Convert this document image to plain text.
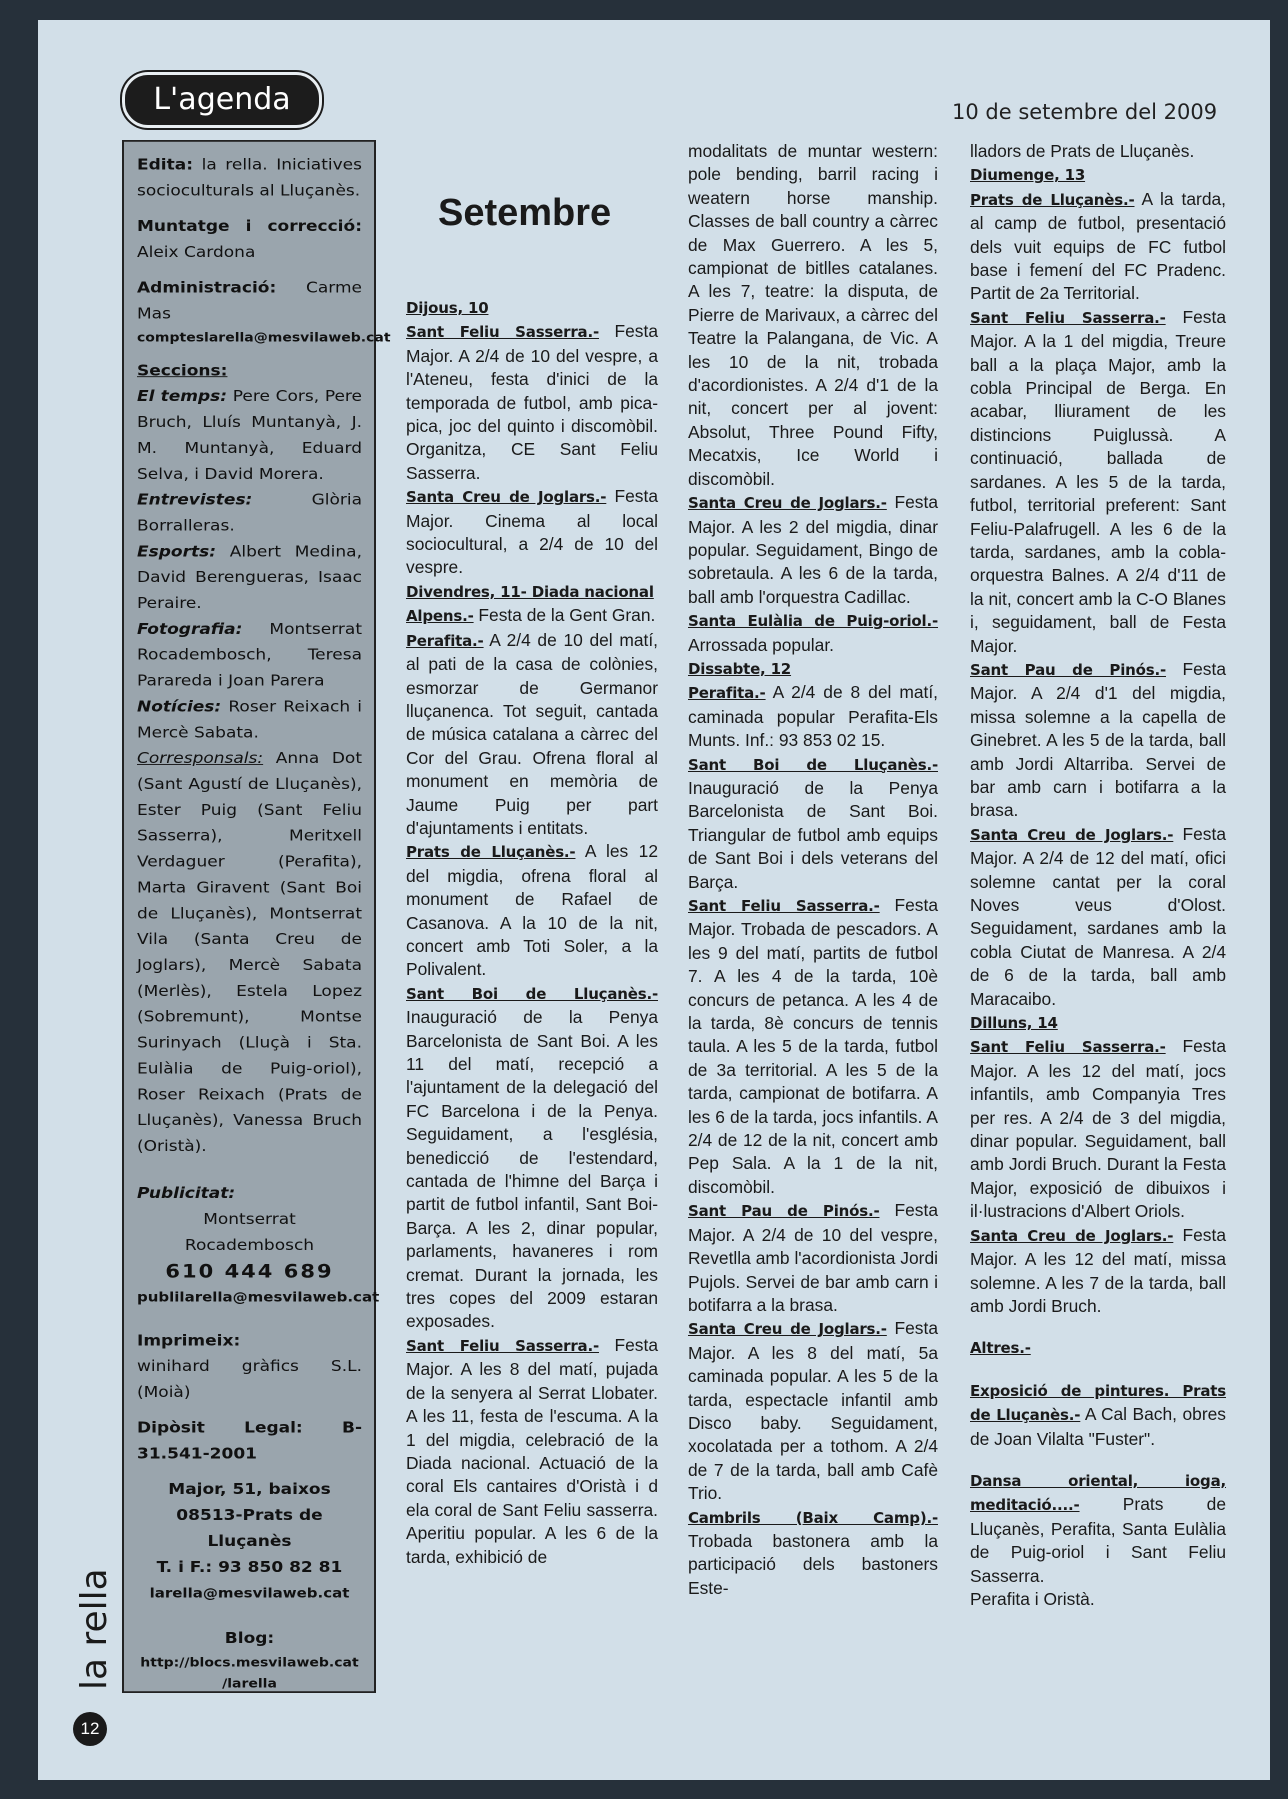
L'agenda	10 de setembre del 2009

Edita: la rella. Iniciatives socioculturals al Lluçanès.

Muntatge i correcció: Aleix Cardona

Administració: Carme Mas

compteslarella@mesvilaweb.cat

Seccions:

El temps: Pere Cors, Pere Bruch, Lluís Muntanyà, J. M. Muntanyà, Eduard Selva, i David Morera.

Entrevistes:	Glòria Borralleras.

Esports: Albert Medina, David Berengueras, Isaac Peraire.

Fotografia: Montserrat Rocadembosch, Teresa Parareda i Joan Parera

Notícies: Roser Reixach i Mercè Sabata.

Corresponsals: Anna Dot (Sant Agustí de Lluçanès), Ester Puig (Sant Feliu Sasserra), Meritxell Verdaguer (Perafita), Marta Giravent (Sant Boi de Lluçanès), Montserrat Vila (Santa Creu de Joglars), Mercè Sabata (Merlès), Estela Lopez (Sobremunt), Montse Surinyach (Lluçà i Sta. Eulàlia de Puig-oriol), Roser Reixach (Prats de Lluçanès), Vanessa Bruch (Oristà).

Publicitat:

Montserrat Rocadembosch

610 444 689

publilarella@mesvilaweb.cat

Imprimeix:

winihard gràfics S.L. (Moià)

Dipòsit Legal: B-31.541-2001

Major, 51, baixos

08513-Prats de Lluçanès

T. i F.: 93 850 82 81

larella@mesvilaweb.cat

Blog:

http://blocs.mesvilaweb.cat

/larella

la rella
12
Setembre

Dijous, 10

Sant Feliu Sasserra.- Festa Major. A 2/4 de 10 del vespre, a l'Ateneu, festa d'inici de la temporada de futbol, amb pica-pica, joc del quinto i discomòbil. Organitza, CE Sant Feliu Sasserra.

Santa Creu de Joglars.- Festa Major. Cinema al local sociocultural, a 2/4 de 10 del vespre.

Divendres, 11- Diada nacional

Alpens.- Festa de la Gent Gran.

Perafita.- A 2/4 de 10 del matí, al pati de la casa de colònies, esmorzar de Germanor lluçanenca. Tot seguit, cantada de música catalana a càrrec del Cor del Grau. Ofrena floral al monument en memòria de Jaume Puig per part d'ajuntaments i entitats.

Prats de Lluçanès.- A les 12 del migdia, ofrena floral al monument de Rafael de Casanova. A la 10 de la nit, concert amb Toti Soler, a la Polivalent.

Sant Boi de Lluçanès.- Inauguració de la Penya Barcelonista de Sant Boi. A les 11 del matí, recepció a l'ajuntament de la delegació del FC Barcelona i de la Penya. Seguidament, a l'església, benedicció de l'estendard, cantada de l'himne del Barça i partit de futbol infantil, Sant Boi-Barça. A les 2, dinar popular, parlaments, havaneres i rom cremat. Durant la jornada, les tres copes del 2009 estaran exposades.

Sant Feliu Sasserra.- Festa Major. A les 8 del matí, pujada de la senyera al Serrat Llobater. A les 11, festa de l'escuma. A la 1 del migdia, celebració de la Diada nacional. Actuació de la coral Els cantaires d'Oristà i d ela coral de Sant Feliu sasserra. Aperitiu popular. A les 6 de la tarda, exhibició de

modalitats de muntar western: pole bending, barril racing i weatern horse manship. Classes de ball country a càrrec de Max Guerrero. A les 5, campionat de bitlles catalanes. A les 7, teatre: la disputa, de Pierre de Marivaux, a càrrec del Teatre la Palangana, de Vic. A les 10 de la nit, trobada d'acordionistes. A 2/4 d'1 de la nit, concert per al jovent: Absolut, Three Pound Fifty, Mecatxis, Ice World i discomòbil.

Santa Creu de Joglars.- Festa Major. A les 2 del migdia, dinar popular. Seguidament, Bingo de sobretaula. A les 6 de la tarda, ball amb l'orquestra Cadillac.

Santa Eulàlia de Puig-oriol.- Arrossada popular.

Dissabte, 12

Perafita.- A 2/4 de 8 del matí, caminada popular Perafita-Els Munts. Inf.: 93 853 02 15.

Sant Boi de Lluçanès.- Inauguració de la Penya Barcelonista de Sant Boi. Triangular de futbol amb equips de Sant Boi i dels veterans del Barça.

Sant Feliu Sasserra.- Festa Major. Trobada de pescadors. A les 9 del matí, partits de futbol 7. A les 4 de la tarda, 10è concurs de petanca. A les 4 de la tarda, 8è concurs de tennis taula. A les 5 de la tarda, futbol de 3a territorial. A les 5 de la tarda, campionat de botifarra. A les 6 de la tarda, jocs infantils. A 2/4 de 12 de la nit, concert amb Pep Sala. A la 1 de la nit, discomòbil.

Sant Pau de Pinós.- Festa Major. A 2/4 de 10 del vespre, Revetlla amb l'acordionista Jordi Pujols. Servei de bar amb carn i botifarra a la brasa.

Santa Creu de Joglars.- Festa Major. A les 8 del matí, 5a caminada popular. A les 5 de la tarda, espectacle infantil amb Disco baby. Seguidament, xocolatada per a tothom. A 2/4 de 7 de la tarda, ball amb Cafè Trio.

Cambrils (Baix Camp).- Trobada bastonera amb la participació dels bastoners Este-

lladors de Prats de Lluçanès.

Diumenge, 13

Prats de Lluçanès.- A la tarda, al camp de futbol, presentació dels vuit equips de FC futbol base i femení del FC Pradenc. Partit de 2a Territorial.

Sant Feliu Sasserra.- Festa Major. A la 1 del migdia, Treure ball a la plaça Major, amb la cobla Principal de Berga. En acabar, lliurament de les distincions Puiglussà. A continuació, ballada de sardanes. A les 5 de la tarda, futbol, territorial preferent: Sant Feliu-Palafrugell. A les 6 de la tarda, sardanes, amb la cobla-orquestra Balnes. A 2/4 d'11 de la nit, concert amb la C-O Blanes i, seguidament, ball de Festa Major.

Sant Pau de Pinós.- Festa Major. A 2/4 d'1 del migdia, missa solemne a la capella de Ginebret. A les 5 de la tarda, ball amb Jordi Altarriba. Servei de bar amb carn i botifarra a la brasa.

Santa Creu de Joglars.- Festa Major. A 2/4 de 12 del matí, ofici solemne cantat per la coral Noves veus d'Olost. Seguidament, sardanes amb la cobla Ciutat de Manresa. A 2/4 de 6 de la tarda, ball amb Maracaibo.

Dilluns, 14

Sant Feliu Sasserra.- Festa Major. A les 12 del matí, jocs infantils, amb Companyia Tres per res. A 2/4 de 3 del migdia, dinar popular. Seguidament, ball amb Jordi Bruch. Durant la Festa Major, exposició de dibuixos i il·lustracions d'Albert Oriols.

Santa Creu de Joglars.- Festa Major. A les 12 del matí, missa solemne. A les 7 de la tarda, ball amb Jordi Bruch.

Altres.-

Exposició de pintures. Prats de Lluçanès.- A Cal Bach, obres de Joan Vilalta "Fuster".

Dansa oriental, ioga, meditació....- Prats de Lluçanès, Perafita, Santa Eulàlia de Puig-oriol i Sant Feliu Sasserra.

Perafita i Oristà.
